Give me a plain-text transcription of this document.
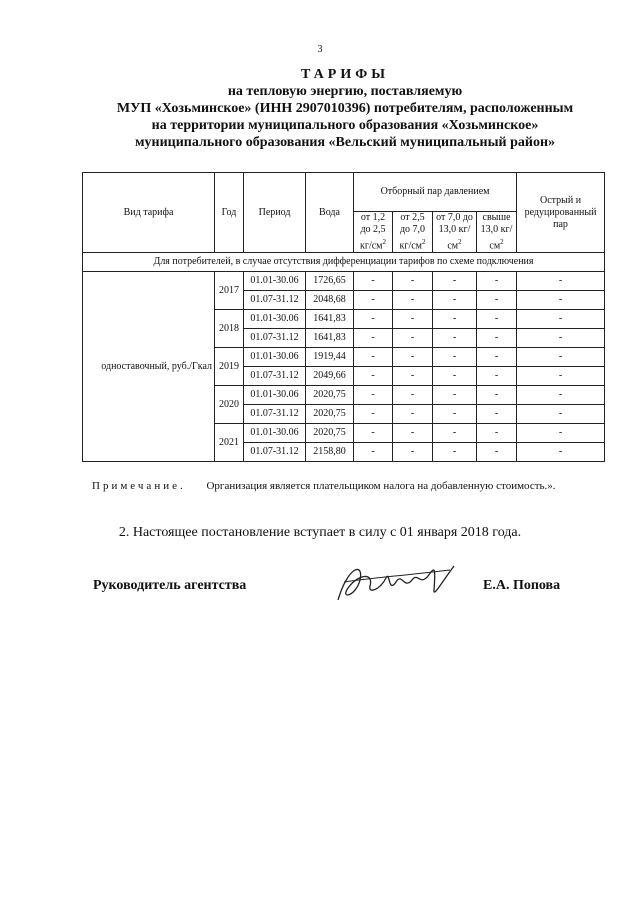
3
ТАРИФЫ
на тепловую энергию, поставляемую
МУП «Хозьминское» (ИНН 2907010396) потребителям, расположенным
на территории муниципального образования «Хозьминское»
муниципального образования «Вельский муниципальный район»
Вид тарифа	Год	Период	Вода	Отборный пар давлением				Острый и редуцированный пар
				от 1,2 до 2,5 $кг/см^2$	от 2,5 до 7,0 $кг/см^2$	от 7,0 до 13,0 $кг/см^2$	свыше 13,0 $кг/см^2$
Для потребителей, в случае отсутствия дифференциации тарифов по схеме подключения								
одноставочный, руб./Гкал	2017	01.01-30.06	1726,65	-	-	-	-	-
		01.07-31.12	2048,68	-	-	-	-	-
	2018	01.01-30.06	1641,83	-	-	-	-	-
		01.07-31.12	1641,83	-	-	-	-	-
	2019	01.01-30.06	1919,44	-	-	-	-	-
		01.07-31.12	2049,66	-	-	-	-	-
	2020	01.01-30.06	2020,75	-	-	-	-	-
		01.07-31.12	2020,75	-	-	-	-	-
	2021	01.01-30.06	2020,75	-	-	-	-	-
		01.07-31.12	2158,80	-	-	-	-	-
Примечание. Организация является плательщиком налога на добавленную стоимость.».
2. Настоящее постановление вступает в силу с 01 января 2018 года.
Руководитель агентства	Е.А. Попова
